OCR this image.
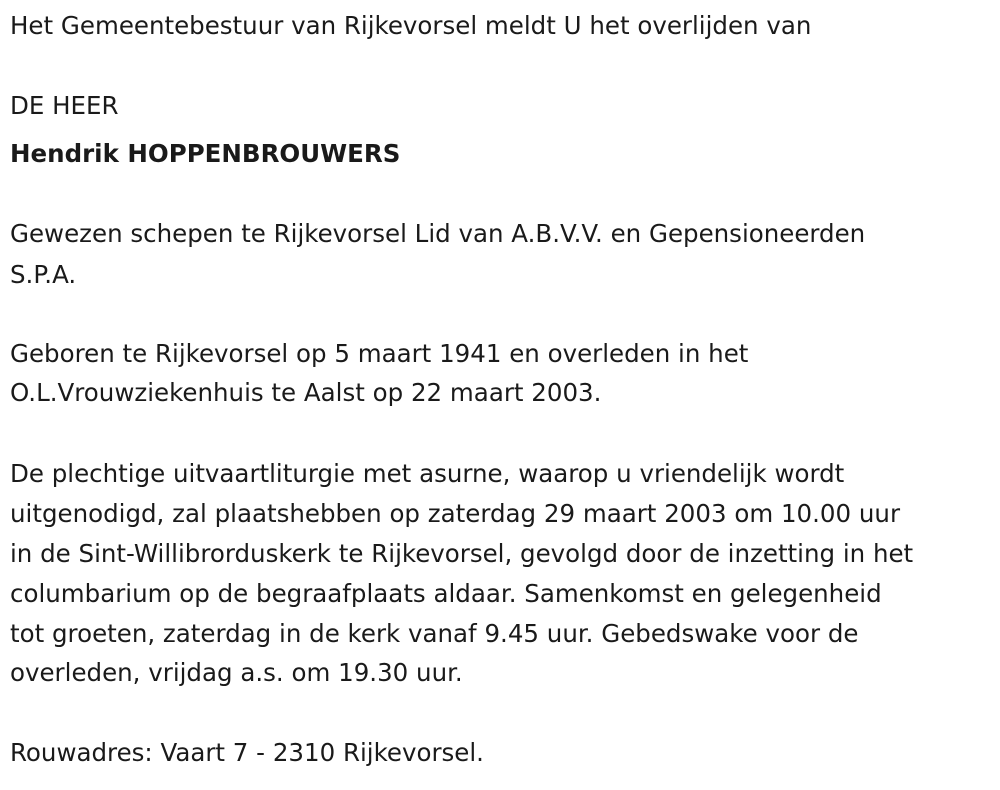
Het Gemeentebestuur van Rijkevorsel meldt U het overlijden van

DE HEER

Hendrik HOPPENBROUWERS

Gewezen schepen te Rijkevorsel Lid van A.B.V.V. en Gepensioneerden

S.P.A.

Geboren te Rijkevorsel op 5 maart 1941 en overleden in het

O.L.Vrouwziekenhuis te Aalst op 22 maart 2003.

De plechtige uitvaartliturgie met asurne, waarop u vriendelijk wordt

uitgenodigd, zal plaatshebben op zaterdag 29 maart 2003 om 10.00 uur

in de Sint-Willibrorduskerk te Rijkevorsel, gevolgd door de inzetting in het

columbarium op de begraafplaats aldaar. Samenkomst en gelegenheid

tot groeten, zaterdag in de kerk vanaf 9.45 uur. Gebedswake voor de

overleden, vrijdag a.s. om 19.30 uur.

Rouwadres: Vaart 7 - 2310 Rijkevorsel.
